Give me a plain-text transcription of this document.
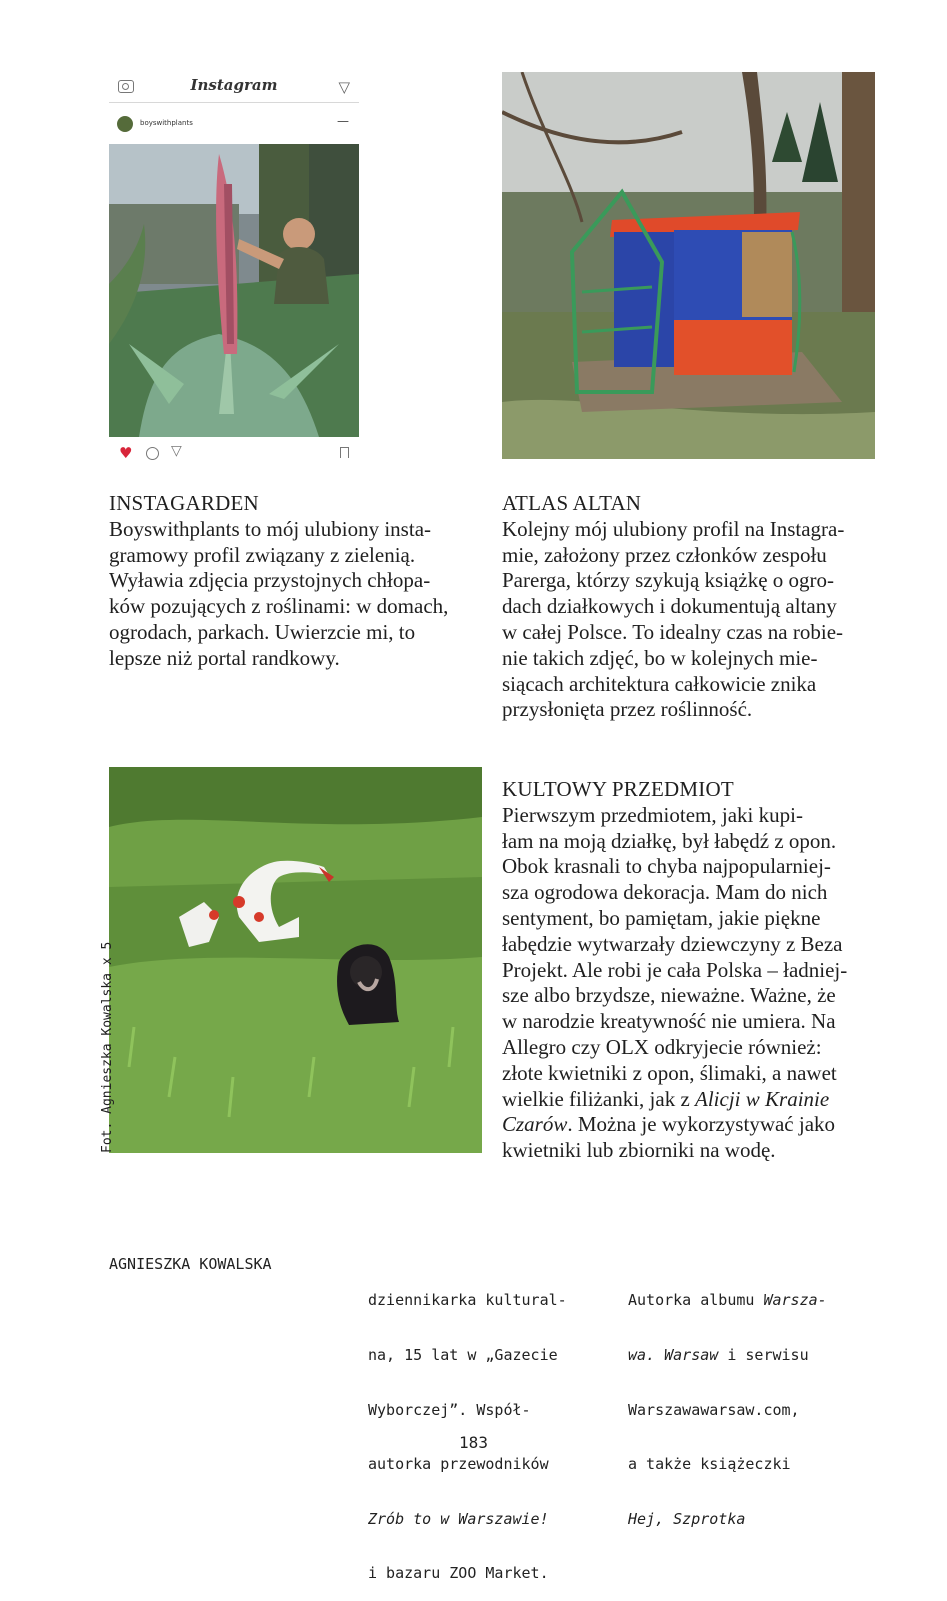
Instagram	▽
boyswithplants	—
♥	▽
INSTAGARDEN
Boyswithplants to mój ulubiony insta-
gramowy profil związany z zielenią.
Wyławia zdjęcia przystojnych chłopa-
ków pozujących z roślinami: w domach,
ogrodach, parkach. Uwierzcie mi, to
lepsze niż portal randkowy.
ATLAS ALTAN
Kolejny mój ulubiony profil na Instagra-
mie, założony przez członków zespołu
Parerga, którzy szykują książkę o ogro-
dach działkowych i dokumentują altany
w całej Polsce. To idealny czas na robie-
nie takich zdjęć, bo w kolejnych mie-
siącach architektura całkowicie znika
przysłonięta przez roślinność.
Fot. Agnieszka Kowalska x 5
KULTOWY PRZEDMIOT
Pierwszym przedmiotem, jaki kupi-
łam na moją działkę, był łabędź z opon.
Obok krasnali to chyba najpopularniej-
sza ogrodowa dekoracja. Mam do nich
sentyment, bo pamiętam, jakie piękne
łabędzie wytwarzały dziewczyny z Beza
Projekt. Ale robi je cała Polska – ładniej-
sze albo brzydsze, nieważne. Ważne, że
w narodzie kreatywność nie umiera. Na
Allegro czy OLX odkryjecie również:
złote kwietniki z opon, ślimaki, a nawet
wielkie filiżanki, jak z Alicji w Krainie
Czarów. Można je wykorzystywać jako
kwietniki lub zbiorniki na wodę.
AGNIESZKA KOWALSKA

dziennikarka kultural-

na, 15 lat w „Gazecie

Wyborczej”. Współ-

autorka przewodników

Zrób to w Warszawie!

i bazaru ZOO Market.

Autorka albumu Warsza-

wa. Warsaw i serwisu

Warszawawarsaw.com,

a także książeczki

Hej, Szprotka

183
